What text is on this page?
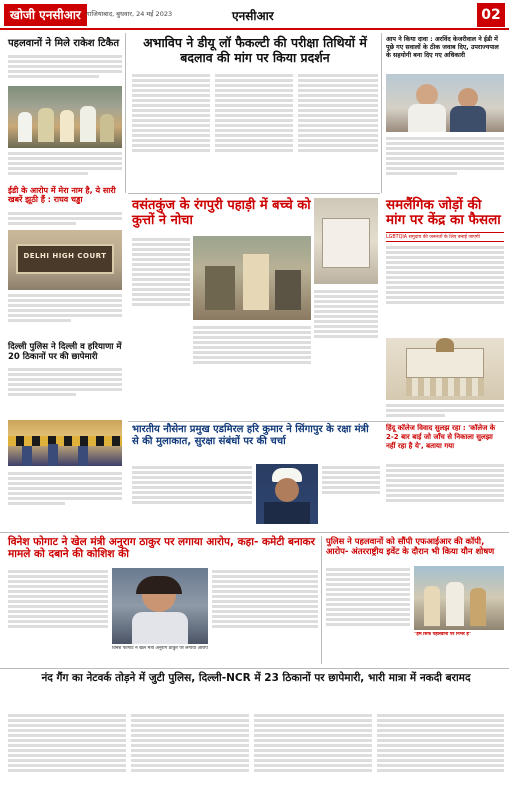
खोजी एनसीआर गाजियाबाद, बुधवार, 24 मई 2023	एनसीआर	02
पहलवानों ने मिले राकेश टिकैत
ईडी के आरोप में मेरा नाम है, ये सारी खबरें झूठी हैं : राघव चड्ढा
DELHI HIGH COURT
दिल्ली पुलिस ने दिल्ली व हरियाणा में 20 ठिकानों पर की छापेमारी
अभाविप ने डीयू लॉ फैकल्टी की परीक्षा तिथियों में बदलाव की मांग पर किया प्रदर्शन
आप ने किया दावा : अरविंद केजरीवाल ने ईडी में पूछे गए सवालों के ठीक जवाब दिए, उपराज्यपाल के सहयोगी बना दिए गए अधिकारी
वसंतकुंज के रंगपुरी पहाड़ी में बच्चे को कुत्तों ने नोचा
समलैंगिक जोड़ों की मांग पर केंद्र का फैसला
LGBTQIA समुदाय की जरूरतों के लिए बनाई जाएगी
भारतीय नौसेना प्रमुख एडमिरल हरि कुमार ने सिंगापुर के रक्षा मंत्री से की मुलाकात, सुरक्षा संबंधों पर की चर्चा
हिंदू कॉलेज विवाद सुलझ रहा : 'कॉलेज के 2-2 बार बाई जो जाँच से निकाला सुलझा नहीं रहा है ये', बताया गया
विनेश फोगाट ने खेल मंत्री अनुराग ठाकुर पर लगाया आरोप, कहा- कमेटी बनाकर मामले को दबाने की कोशिश की
विनेश फोगाट ने खेल मंत्री अनुराग ठाकुर पर लगाया आरोप
पुलिस ने पहलवानों को सौंपी एफआईआर की कॉपी, आरोप- अंतरराष्ट्रीय इवेंट के दौरान भी किया यौन शोषण
"हम सिर्फ पहलवानों पर निर्भर हैं"
नंद गैंग का नेटवर्क तोड़ने में जुटी पुलिस, दिल्ली-NCR में 23 ठिकानों पर छापेमारी, भारी मात्रा में नकदी बरामद
